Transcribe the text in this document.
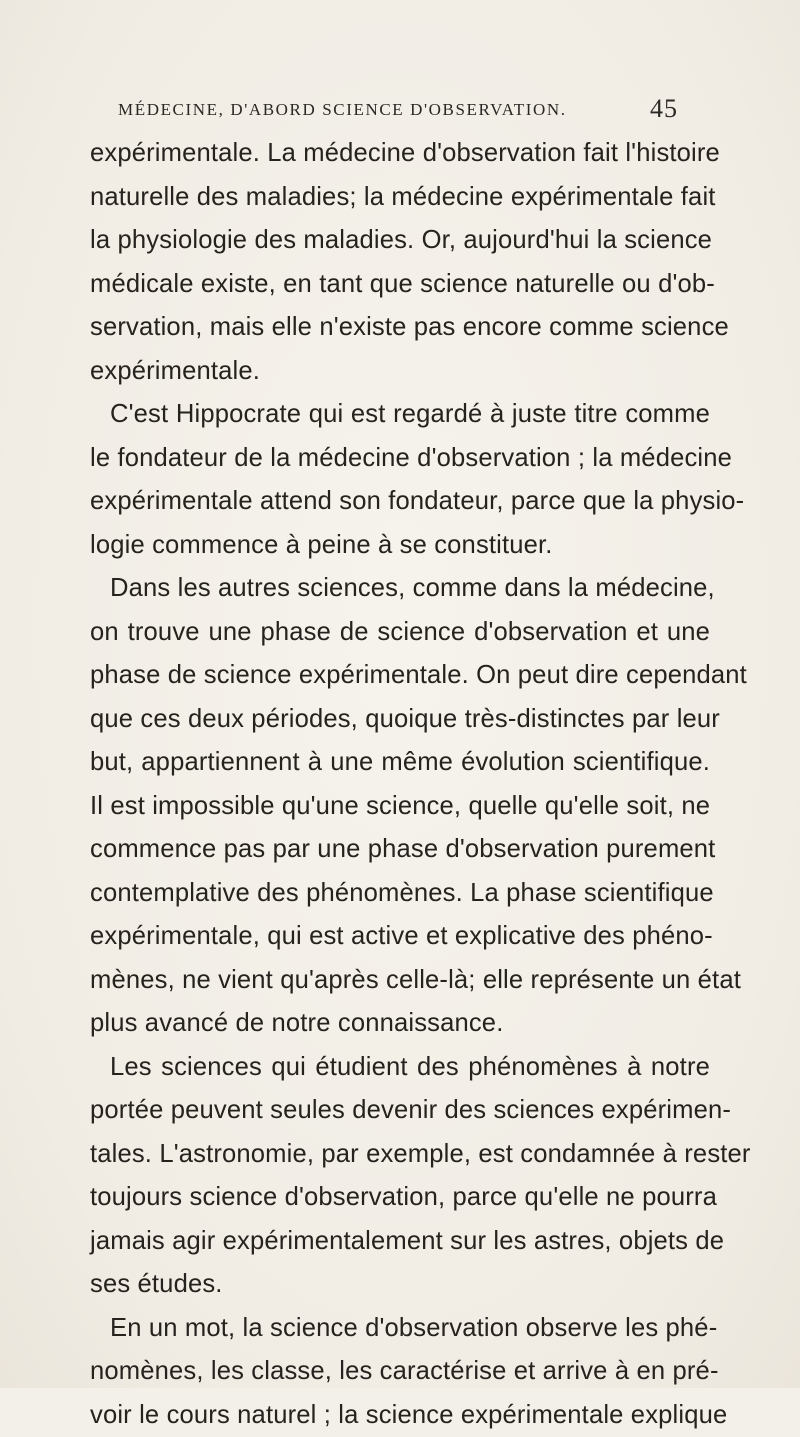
MÉDECINE, D'ABORD SCIENCE D'OBSERVATION.	45
expérimentale. La médecine d'observation fait l'histoire
naturelle des maladies; la médecine expérimentale fait
la physiologie des maladies. Or, aujourd'hui la science
médicale existe, en tant que science naturelle ou d'ob-
servation, mais elle n'existe pas encore comme science
expérimentale.
C'est Hippocrate qui est regardé à juste titre comme
le fondateur de la médecine d'observation ; la médecine
expérimentale attend son fondateur, parce que la physio-
logie commence à peine à se constituer.
Dans les autres sciences, comme dans la médecine,
on trouve une phase de science d'observation et une
phase de science expérimentale. On peut dire cependant
que ces deux périodes, quoique très-distinctes par leur
but, appartiennent à une même évolution scientifique.
Il est impossible qu'une science, quelle qu'elle soit, ne
commence pas par une phase d'observation purement
contemplative des phénomènes. La phase scientifique
expérimentale, qui est active et explicative des phéno-
mènes, ne vient qu'après celle-là; elle représente un état
plus avancé de notre connaissance.
Les sciences qui étudient des phénomènes à notre
portée peuvent seules devenir des sciences expérimen-
tales. L'astronomie, par exemple, est condamnée à rester
toujours science d'observation, parce qu'elle ne pourra
jamais agir expérimentalement sur les astres, objets de
ses études.
En un mot, la science d'observation observe les phé-
nomènes, les classe, les caractérise et arrive à en pré-
voir le cours naturel ; la science expérimentale explique
